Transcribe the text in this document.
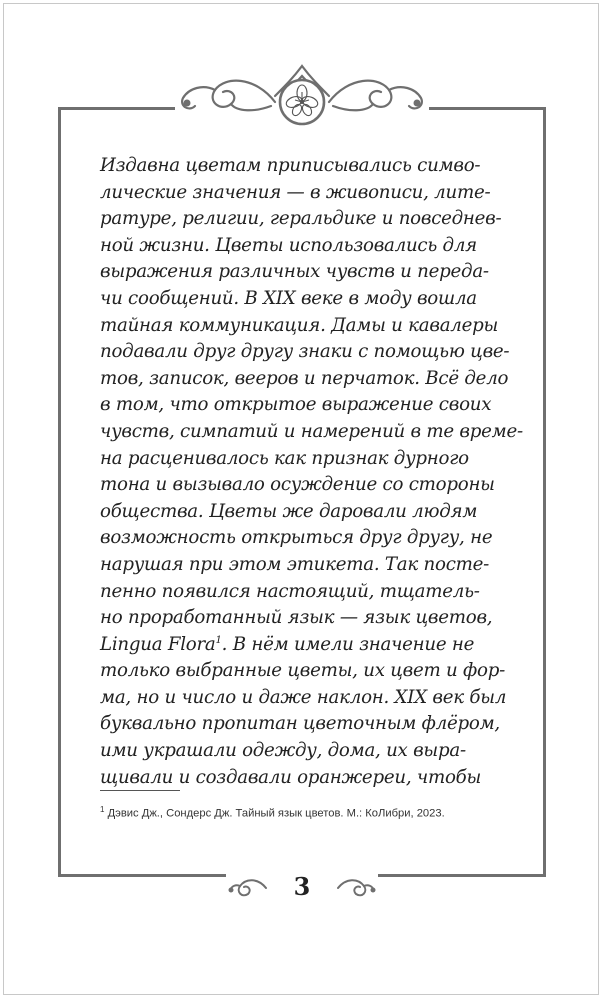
3
Издавна цветам приписывались симво-
лические значения — в живописи, лите-
ратуре, религии, геральдике и повседнев-
ной жизни. Цветы использовались для
выражения различных чувств и переда-
чи сообщений. В XIX веке в моду вошла
тайная коммуникация. Дамы и кавалеры
подавали друг другу знаки с помощью цве-
тов, записок, вееров и перчаток. Всё дело
в том, что открытое выражение своих
чувств, симпатий и намерений в те време-
на расценивалось как признак дурного
тона и вызывало осуждение со стороны
общества. Цветы же даровали людям
возможность открыться друг другу, не
нарушая при этом этикета. Так посте-
пенно появился настоящий, тщатель-
но проработанный язык — язык цветов,
Lingua Flora1. В нём имели значение не
только выбранные цветы, их цвет и фор-
ма, но и число и даже наклон. XIX век был
буквально пропитан цветочным флёром,
ими украшали одежду, дома, их выра-
щивали и создавали оранжереи, чтобы
$^1$ Дэвис Дж., Сондерс Дж. Тайный язык цветов. М.: КоЛибри, 2023.
